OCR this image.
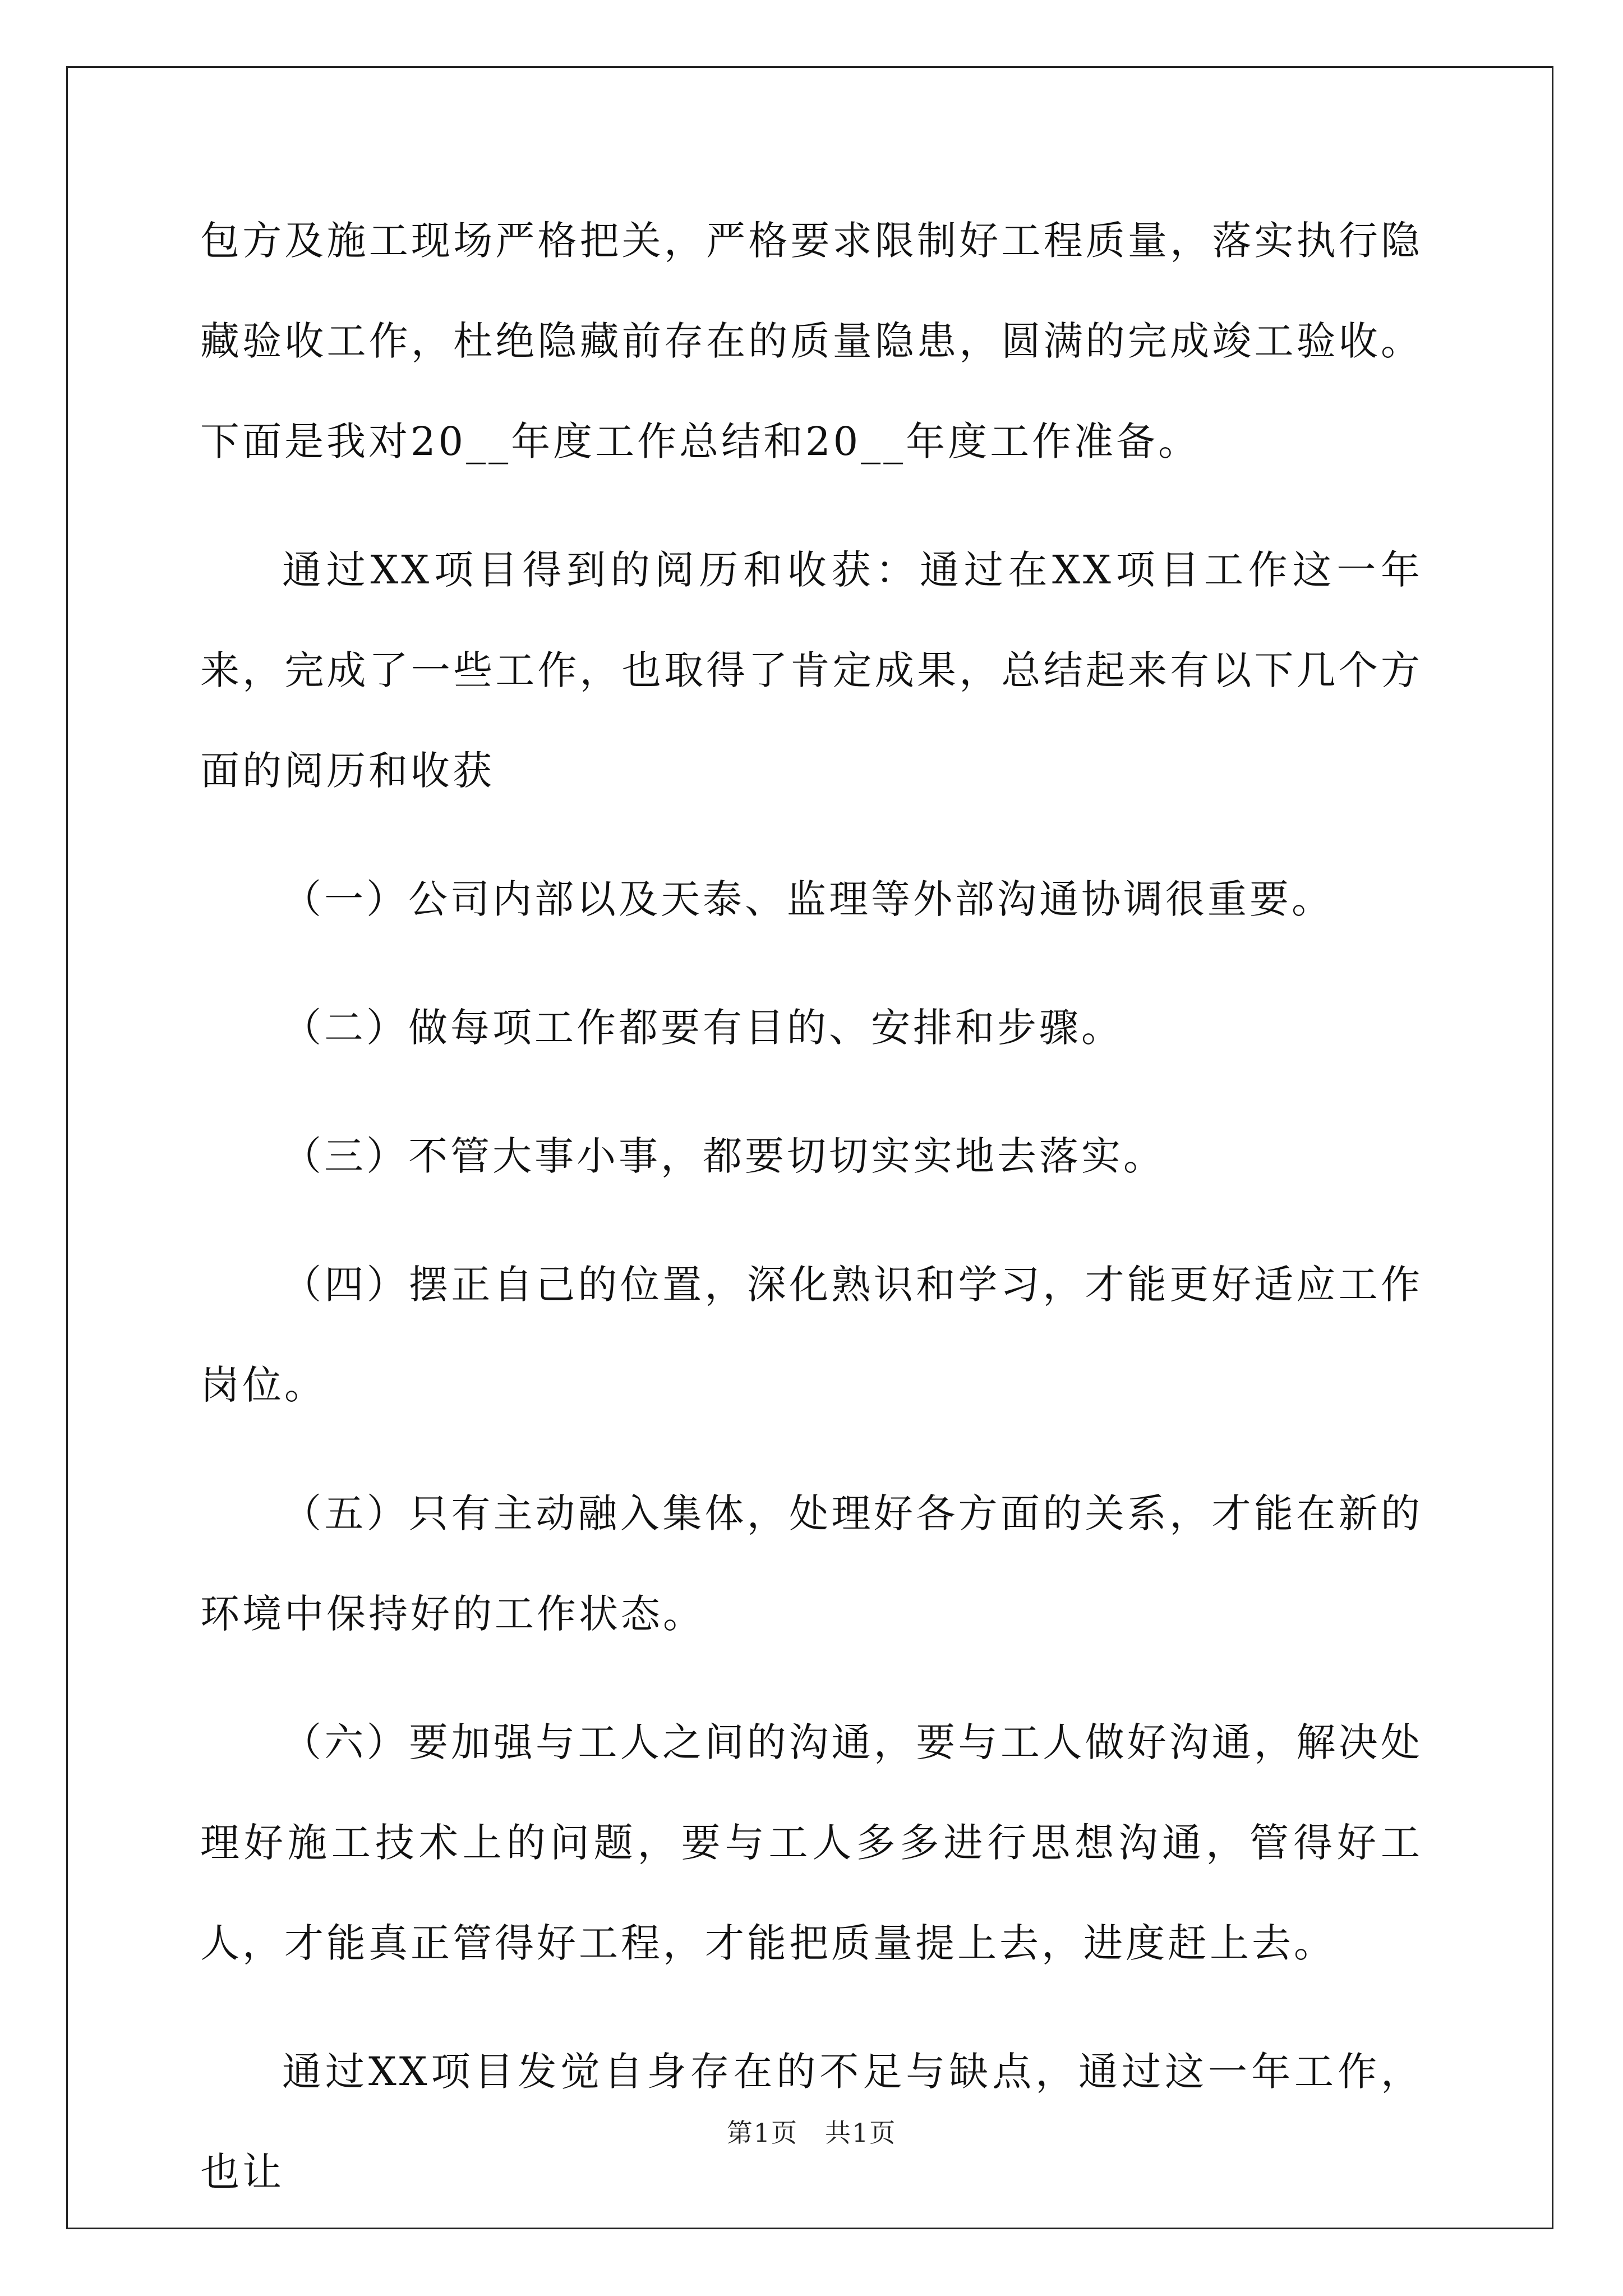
包方及施工现场严格把关，严格要求限制好工程质量，落实执行隐藏验收工作，杜绝隐藏前存在的质量隐患，圆满的完成竣工验收。下面是我对20__年度工作总结和20__年度工作准备。

通过XX项目得到的阅历和收获：通过在XX项目工作这一年来，完成了一些工作，也取得了肯定成果，总结起来有以下几个方面的阅历和收获

（一）公司内部以及天泰、监理等外部沟通协调很重要。

（二）做每项工作都要有目的、安排和步骤。

（三）不管大事小事，都要切切实实地去落实。

（四）摆正自己的位置，深化熟识和学习，才能更好适应工作岗位。

（五）只有主动融入集体，处理好各方面的关系，才能在新的环境中保持好的工作状态。

（六）要加强与工人之间的沟通，要与工人做好沟通，解决处理好施工技术上的问题，要与工人多多进行思想沟通，管得好工人，才能真正管得好工程，才能把质量提上去，进度赶上去。

通过XX项目发觉自身存在的不足与缺点，通过这一年工作，也让

第1页　共1页
